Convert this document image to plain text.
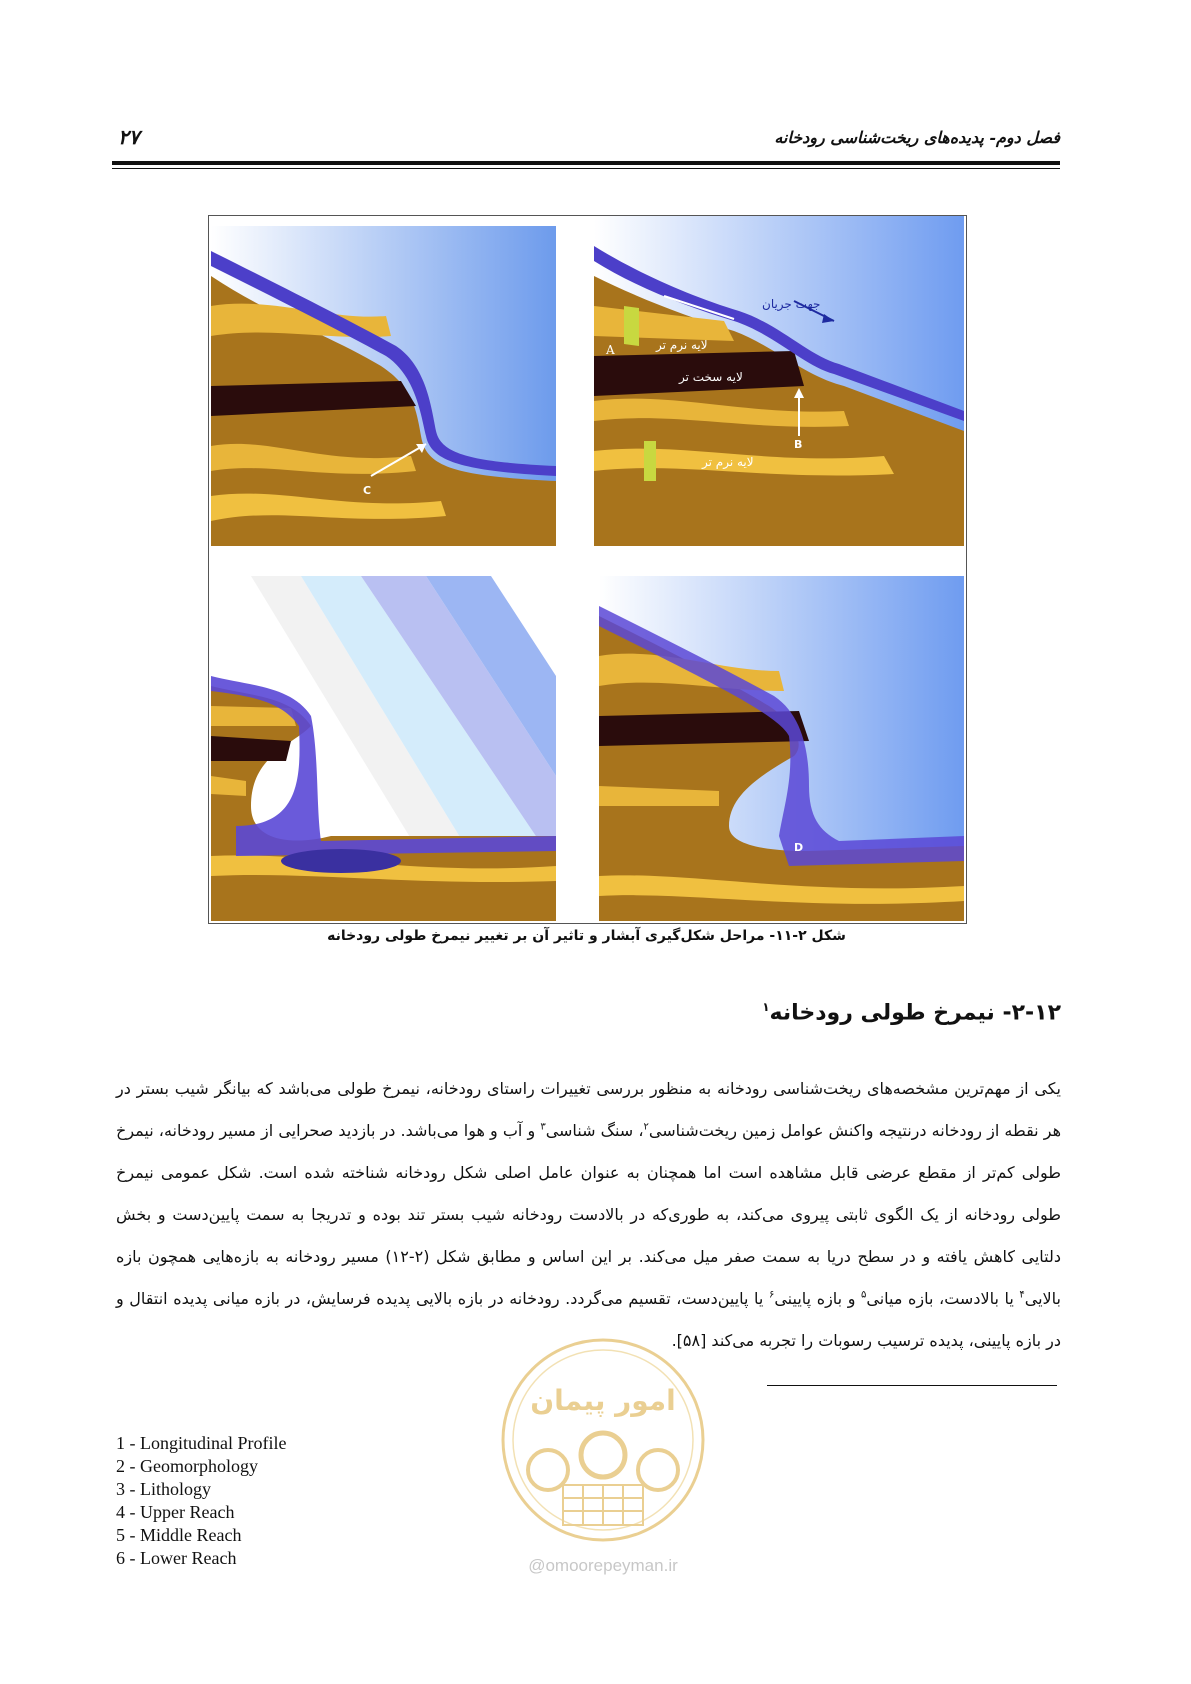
فصل دوم- پدیده‌های ریخت‌شناسی رودخانه
۲۷
C
جهت جریان
لایه نرم تر
لایه سخت تر
لایه نرم تر
A
B
D
شکل ۲-۱۱- مراحل شکل‌گیری آبشار و تاثیر آن بر تغییر نیمرخ طولی رودخانه
۲-۱۲- نیمرخ طولی رودخانه$^۱$
یکی از مهم‌ترین مشخصه‌های ریخت‌شناسی رودخانه به منظور بررسی تغییرات راستای رودخانه، نیمرخ طولی می‌باشد که بیانگر شیب بستر در هر نقطه از رودخانه درنتیجه واکنش عوامل زمین ریخت‌شناسی$^۲$، سنگ شناسی$^۳$ و آب و هوا می‌باشد. در بازدید صحرایی از مسیر رودخانه، نیمرخ طولی کم‌تر از مقطع عرضی قابل مشاهده است اما همچنان به عنوان عامل اصلی شکل رودخانه شناخته شده است. شکل عمومی نیمرخ طولی رودخانه از یک الگوی ثابتی پیروی می‌کند، به طوری‌که در بالادست رودخانه شیب بستر تند بوده و تدریجا به سمت پایین‌دست و بخش دلتایی کاهش یافته و در سطح دریا به سمت صفر میل می‌کند. بر این اساس و مطابق شکل (۲-۱۲) مسیر رودخانه به بازه‌هایی همچون بازه بالایی$^۴$ یا بالادست، بازه میانی$^۵$ و بازه پایینی$^۶$ یا پایین‌دست، تقسیم می‌گردد. رودخانه در بازه بالایی پدیده فرسایش، در بازه میانی پدیده انتقال و در بازه پایینی، پدیده ترسیب رسوبات را تجربه می‌کند [۵۸].
1 - Longitudinal Profile
2 - Geomorphology
3 - Lithology
4 - Upper Reach
5 - Middle Reach
6 - Lower Reach
امور پیمان
@omoorepeyman.ir
